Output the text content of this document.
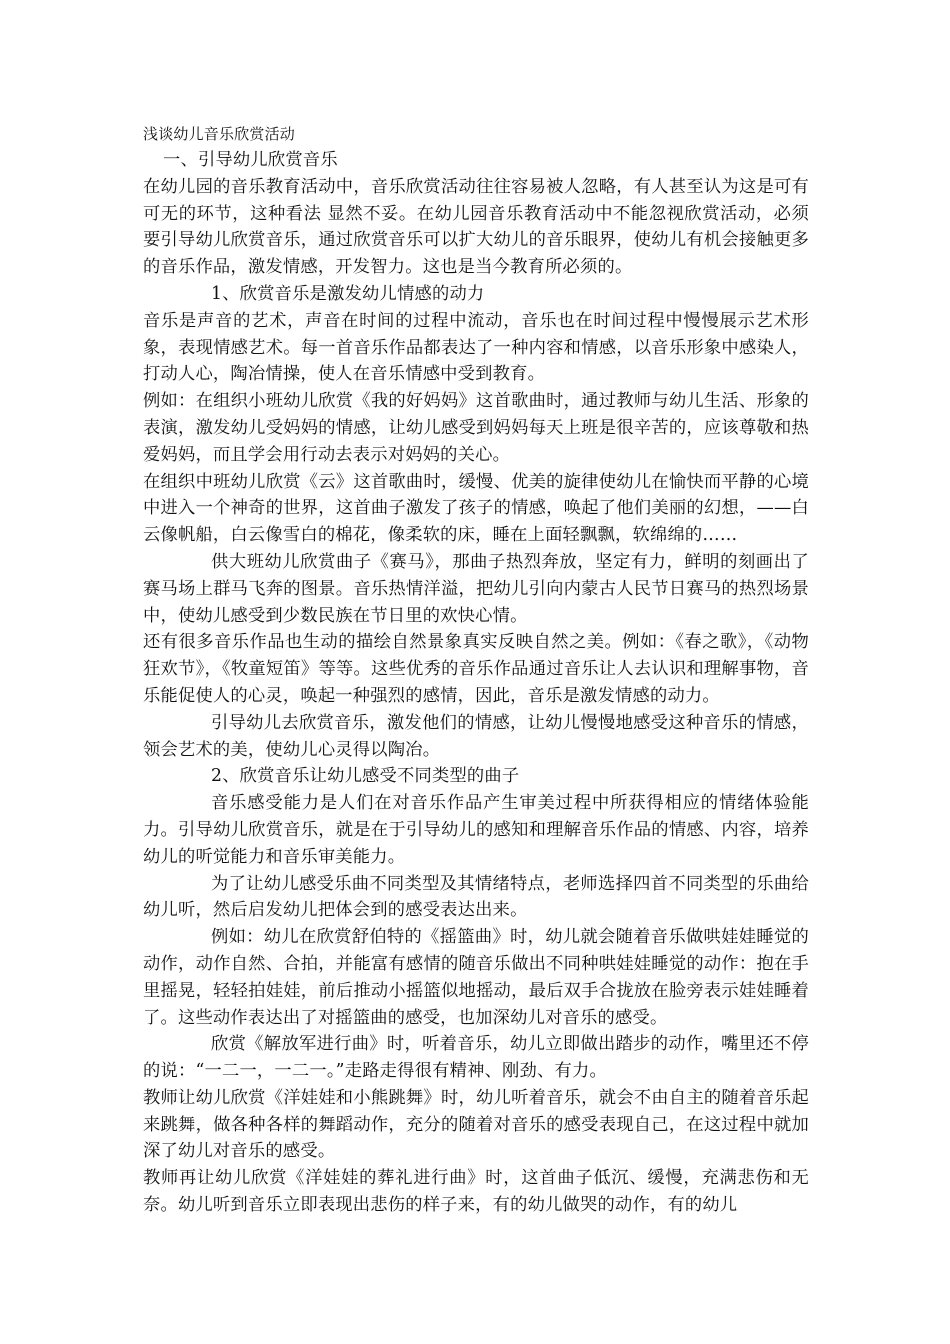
浅谈幼儿音乐欣赏活动

一、引导幼儿欣赏音乐

在幼儿园的音乐教育活动中，音乐欣赏活动往往容易被人忽略，有人甚至认为这是可有可无的环节，这种看法 显然不妥。在幼儿园音乐教育活动中不能忽视欣赏活动，必须要引导幼儿欣赏音乐，通过欣赏音乐可以扩大幼儿的音乐眼界，使幼儿有机会接触更多的音乐作品，激发情感，开发智力。这也是当今教育所必须的。

1、欣赏音乐是激发幼儿情感的动力

音乐是声音的艺术，声音在时间的过程中流动，音乐也在时间过程中慢慢展示艺术形象，表现情感艺术。每一首音乐作品都表达了一种内容和情感，以音乐形象中感染人，打动人心，陶冶情操，使人在音乐情感中受到教育。

例如：在组织小班幼儿欣赏《我的好妈妈》这首歌曲时，通过教师与幼儿生活、形象的表演，激发幼儿受妈妈的情感，让幼儿感受到妈妈每天上班是很辛苦的，应该尊敬和热爱妈妈，而且学会用行动去表示对妈妈的关心。

在组织中班幼儿欣赏《云》这首歌曲时，缓慢、优美的旋律使幼儿在愉快而平静的心境中进入一个神奇的世界，这首曲子激发了孩子的情感，唤起了他们美丽的幻想，——白云像帆船，白云像雪白的棉花，像柔软的床，睡在上面轻飘飘，软绵绵的……

供大班幼儿欣赏曲子《赛马》，那曲子热烈奔放，坚定有力，鲜明的刻画出了赛马场上群马飞奔的图景。音乐热情洋溢，把幼儿引向内蒙古人民节日赛马的热烈场景中，使幼儿感受到少数民族在节日里的欢快心情。

还有很多音乐作品也生动的描绘自然景象真实反映自然之美。例如：《春之歌》，《动物狂欢节》，《牧童短笛》等等。这些优秀的音乐作品通过音乐让人去认识和理解事物，音乐能促使人的心灵，唤起一种强烈的感情，因此，音乐是激发情感的动力。

引导幼儿去欣赏音乐，激发他们的情感，让幼儿慢慢地感受这种音乐的情感，领会艺术的美，使幼儿心灵得以陶冶。

2、欣赏音乐让幼儿感受不同类型的曲子

音乐感受能力是人们在对音乐作品产生审美过程中所获得相应的情绪体验能力。引导幼儿欣赏音乐，就是在于引导幼儿的感知和理解音乐作品的情感、内容，培养幼儿的听觉能力和音乐审美能力。

为了让幼儿感受乐曲不同类型及其情绪特点，老师选择四首不同类型的乐曲给幼儿听，然后启发幼儿把体会到的感受表达出来。

例如：幼儿在欣赏舒伯特的《摇篮曲》时，幼儿就会随着音乐做哄娃娃睡觉的动作，动作自然、合拍，并能富有感情的随音乐做出不同种哄娃娃睡觉的动作：抱在手里摇晃，轻轻拍娃娃，前后推动小摇篮似地摇动，最后双手合拢放在脸旁表示娃娃睡着了。这些动作表达出了对摇篮曲的感受，也加深幼儿对音乐的感受。

欣赏《解放军进行曲》时，听着音乐，幼儿立即做出踏步的动作，嘴里还不停的说：“一二一，一二一。”走路走得很有精神、刚劲、有力。

教师让幼儿欣赏《洋娃娃和小熊跳舞》时，幼儿听着音乐，就会不由自主的随着音乐起来跳舞，做各种各样的舞蹈动作，充分的随着对音乐的感受表现自己，在这过程中就加深了幼儿对音乐的感受。

教师再让幼儿欣赏《洋娃娃的葬礼进行曲》时，这首曲子低沉、缓慢，充满悲伤和无奈。幼儿听到音乐立即表现出悲伤的样子来，有的幼儿做哭的动作，有的幼儿
